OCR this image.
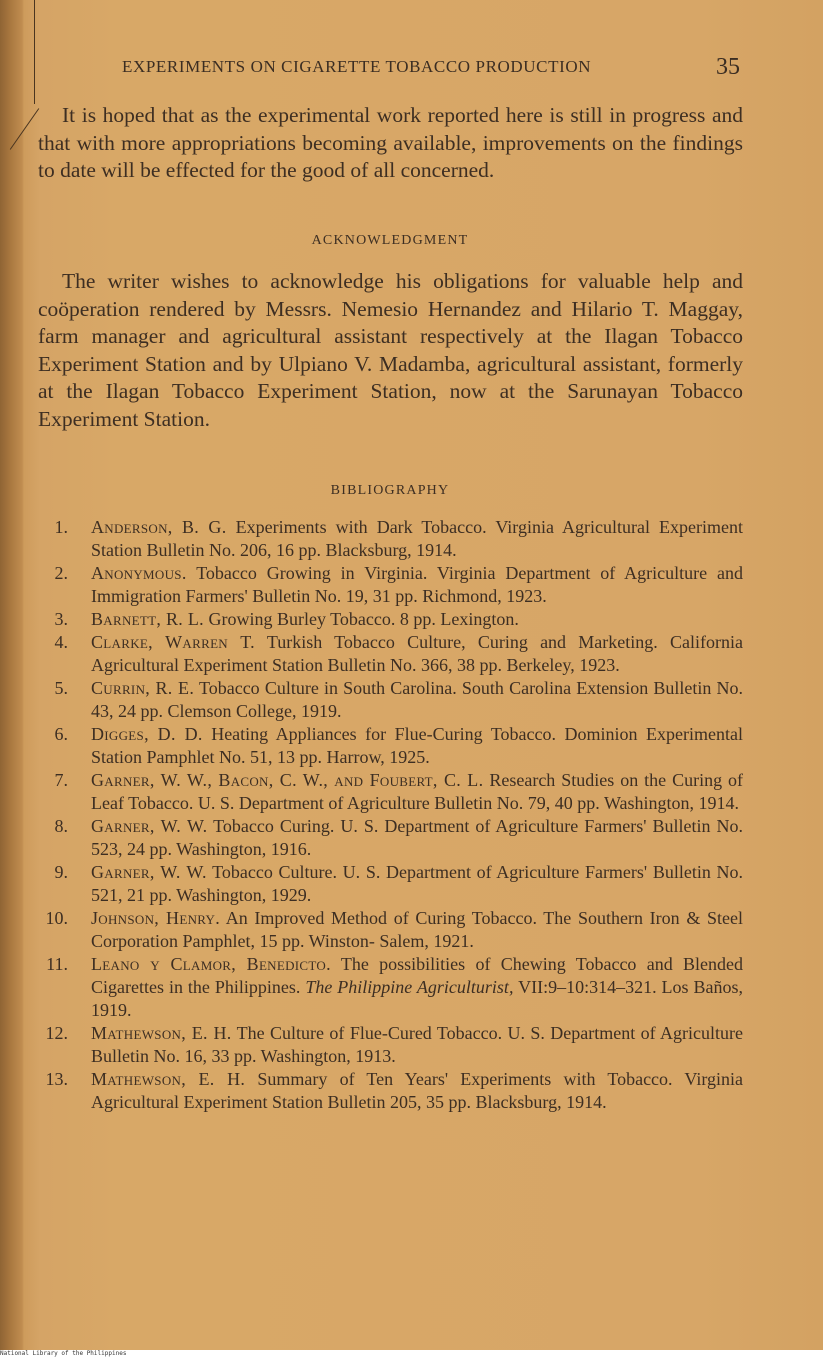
EXPERIMENTS ON CIGARETTE TOBACCO PRODUCTION	35
It is hoped that as the experimental work reported here is still in progress and that with more appropriations becoming available, improvements on the findings to date will be effected for the good of all concerned.
ACKNOWLEDGMENT
The writer wishes to acknowledge his obligations for valuable help and coöperation rendered by Messrs. Nemesio Hernandez and Hilario T. Maggay, farm manager and agricultural assistant respectively at the Ilagan Tobacco Experiment Station and by Ulpiano V. Madamba, agricultural assistant, formerly at the Ilagan Tobacco Experiment Station, now at the Sarunayan Tobacco Experiment Station.
BIBLIOGRAPHY
1. Anderson, B. G. Experiments with Dark Tobacco. Virginia Agricultural Experiment Station Bulletin No. 206, 16 pp. Blacksburg, 1914.
2. Anonymous. Tobacco Growing in Virginia. Virginia Department of Agriculture and Immigration Farmers' Bulletin No. 19, 31 pp. Richmond, 1923.
3. Barnett, R. L. Growing Burley Tobacco. 8 pp. Lexington.
4. Clarke, Warren T. Turkish Tobacco Culture, Curing and Marketing. California Agricultural Experiment Station Bulletin No. 366, 38 pp. Berkeley, 1923.
5. Currin, R. E. Tobacco Culture in South Carolina. South Carolina Extension Bulletin No. 43, 24 pp. Clemson College, 1919.
6. Digges, D. D. Heating Appliances for Flue-Curing Tobacco. Dominion Experimental Station Pamphlet No. 51, 13 pp. Harrow, 1925.
7. Garner, W. W., Bacon, C. W., and Foubert, C. L. Research Studies on the Curing of Leaf Tobacco. U. S. Department of Agriculture Bulletin No. 79, 40 pp. Washington, 1914.
8. Garner, W. W. Tobacco Curing. U. S. Department of Agriculture Farmers' Bulletin No. 523, 24 pp. Washington, 1916.
9. Garner, W. W. Tobacco Culture. U. S. Department of Agriculture Farmers' Bulletin No. 521, 21 pp. Washington, 1929.
10. Johnson, Henry. An Improved Method of Curing Tobacco. The Southern Iron & Steel Corporation Pamphlet, 15 pp. Winston- Salem, 1921.
11. Leano y Clamor, Benedicto. The possibilities of Chewing Tobacco and Blended Cigarettes in the Philippines. The Philippine Agriculturist, VII:9–10:314–321. Los Baños, 1919.
12. Mathewson, E. H. The Culture of Flue-Cured Tobacco. U. S. Department of Agriculture Bulletin No. 16, 33 pp. Washington, 1913.
13. Mathewson, E. H. Summary of Ten Years' Experiments with Tobacco. Virginia Agricultural Experiment Station Bulletin 205, 35 pp. Blacksburg, 1914.
National Library of the Philippines
